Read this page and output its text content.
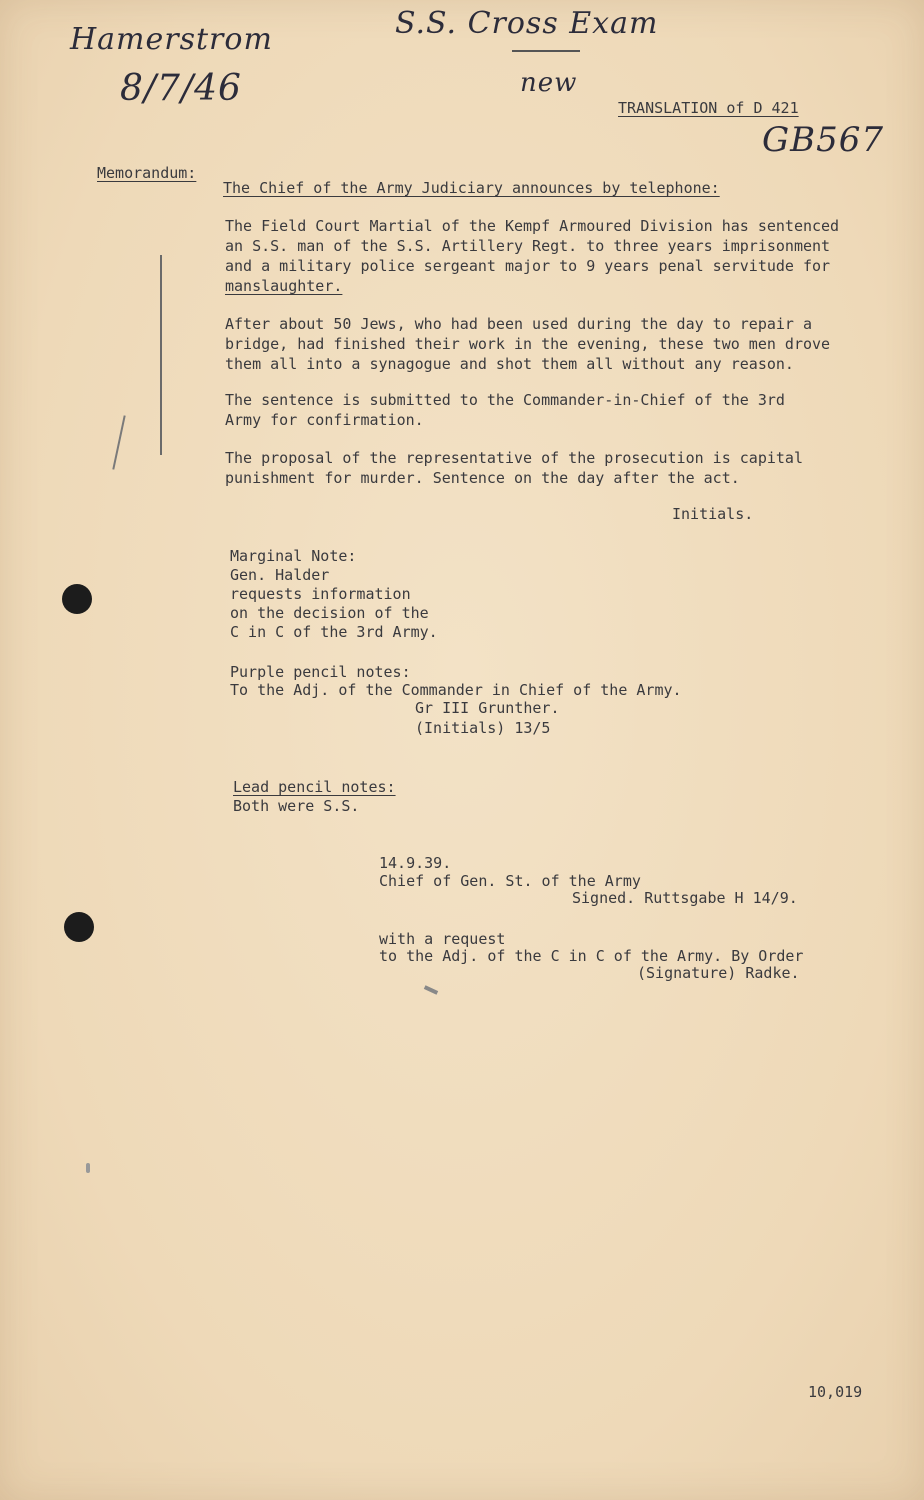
Hamerstrom
8/7/46
S.S. Cross Exam
new
GB567
TRANSLATION of D 421
Memorandum:
The Chief of the Army Judiciary announces by telephone:
The Field Court Martial of the Kempf Armoured Division has sentenced
an S.S. man of the S.S. Artillery Regt. to three years imprisonment
and a military police sergeant major to 9 years penal servitude for
manslaughter.
After about 50 Jews, who had been used during the day to repair a
bridge, had finished their work in the evening, these two men drove
them all into a synagogue and shot them all without any reason.
The sentence is submitted to the Commander-in-Chief of the 3rd
Army for confirmation.
The proposal of the representative of the prosecution is capital
punishment for murder. Sentence on the day after the act.
Initials.
Marginal Note:
Gen. Halder
requests information
on the decision of the
C in C of the 3rd Army.
Purple pencil notes:
To the Adj. of the Commander in Chief of the Army.
Gr III Grunther.
(Initials) 13/5
Lead pencil notes:
Both were S.S.
14.9.39.
Chief of Gen. St. of the Army
Signed. Ruttsgabe H 14/9.
with a request
to the Adj. of the C in C of the Army. By Order
(Signature) Radke.
10,019
